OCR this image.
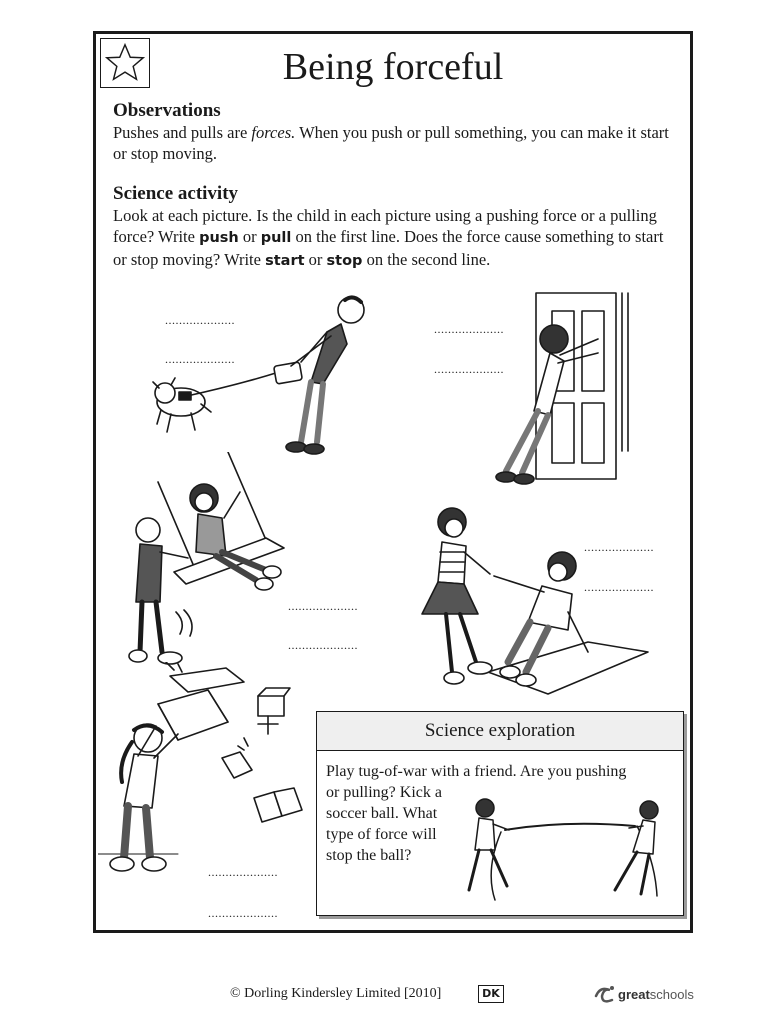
Being forceful
Observations
Pushes and pulls are forces. When you push or pull something, you can make it start or stop moving.
Science activity
Look at each picture. Is the child in each picture using a pushing force or a pulling force? Write push or pull on the first line. Does the force cause something to start or stop moving? Write start or stop on the second line.
....................
....................
....................
....................
....................
....................
....................
....................
....................
....................
Science exploration
Play tug-of-war with a friend. Are you pushing
or pulling? Kick a
soccer ball. What
type of force will
stop the ball?
© Dorling Kindersley Limited [2010]	DK	great schools
